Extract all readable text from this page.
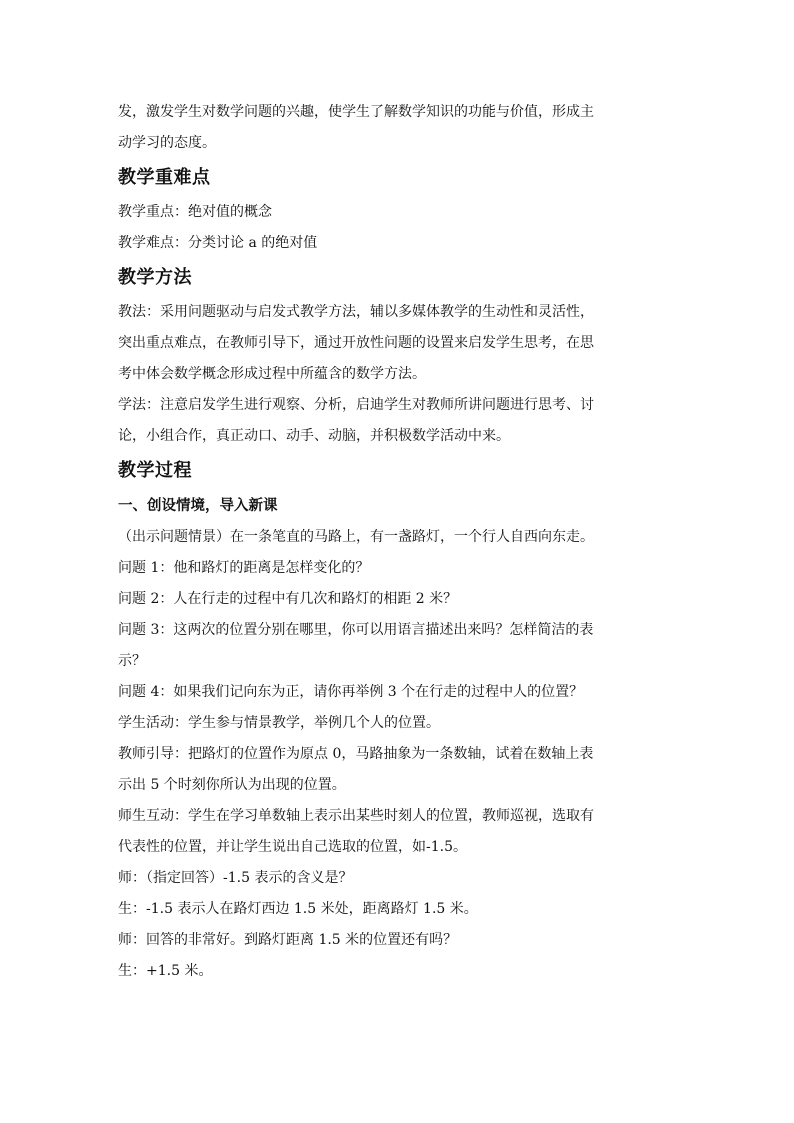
发，激发学生对数学问题的兴趣，使学生了解数学知识的功能与价值，形成主

动学习的态度。

教学重难点

教学重点：绝对值的概念

教学难点：分类讨论 a 的绝对值

教学方法

教法：采用问题驱动与启发式教学方法，辅以多媒体教学的生动性和灵活性，

突出重点难点，在教师引导下，通过开放性问题的设置来启发学生思考，在思

考中体会数学概念形成过程中所蕴含的数学方法。

学法：注意启发学生进行观察、分析，启迪学生对教师所讲问题进行思考、讨

论，小组合作，真正动口、动手、动脑，并积极数学活动中来。

教学过程
一、创设情境，导入新课

（出示问题情景）在一条笔直的马路上，有一盏路灯，一个行人自西向东走。

问题 1：他和路灯的距离是怎样变化的？

问题 2：人在行走的过程中有几次和路灯的相距 2 米？

问题 3：这两次的位置分别在哪里，你可以用语言描述出来吗？怎样简洁的表

示？

问题 4：如果我们记向东为正，请你再举例 3 个在行走的过程中人的位置？

学生活动：学生参与情景教学，举例几个人的位置。

教师引导：把路灯的位置作为原点 0，马路抽象为一条数轴，试着在数轴上表

示出 5 个时刻你所认为出现的位置。

师生互动：学生在学习单数轴上表示出某些时刻人的位置，教师巡视，选取有

代表性的位置，并让学生说出自己选取的位置，如-1.5。

师：（指定回答）-1.5 表示的含义是？

生：-1.5 表示人在路灯西边 1.5 米处，距离路灯 1.5 米。

师：回答的非常好。到路灯距离 1.5 米的位置还有吗？

生：+1.5 米。
